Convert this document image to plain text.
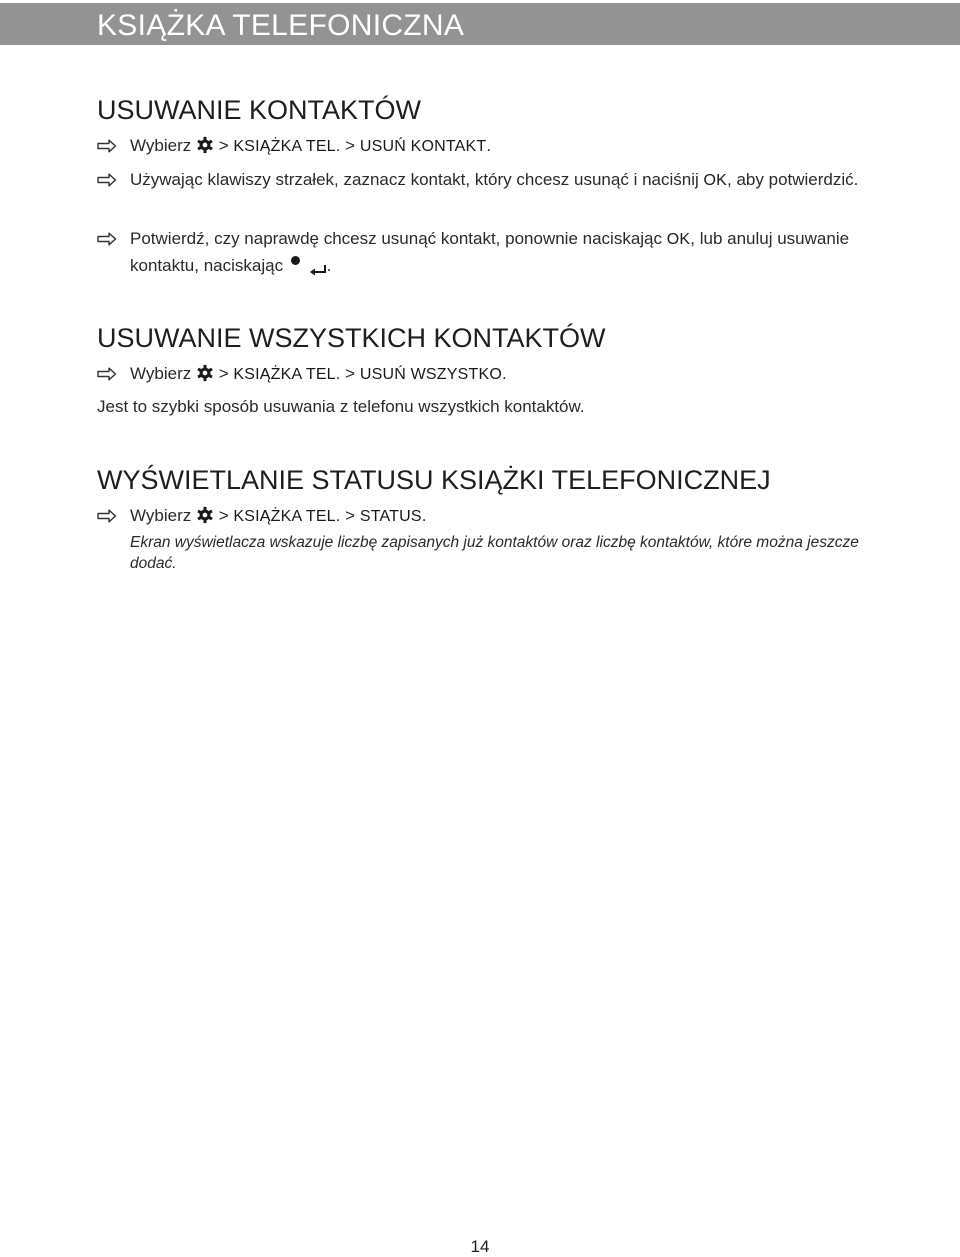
KSIĄŻKA TELEFONICZNA
USUWANIE KONTAKTÓW
Wybierz > KSIĄŻKA TEL. > USUŃ KONTAKT.
Używając klawiszy strzałek, zaznacz kontakt, który chcesz usunąć i naciśnij OK, aby potwierdzić.
Potwierdź, czy naprawdę chcesz usunąć kontakt, ponownie naciskając OK, lub anuluj usuwanie kontaktu, naciskając	.
USUWANIE WSZYSTKICH KONTAKTÓW
Wybierz > KSIĄŻKA TEL. > USUŃ WSZYSTKO.
Jest to szybki sposób usuwania z telefonu wszystkich kontaktów.
WYŚWIETLANIE STATUSU KSIĄŻKI TELEFONICZNEJ
Wybierz > KSIĄŻKA TEL. > STATUS.
Ekran wyświetlacza wskazuje liczbę zapisanych już kontaktów oraz liczbę kontaktów, które można jeszcze dodać.
14
